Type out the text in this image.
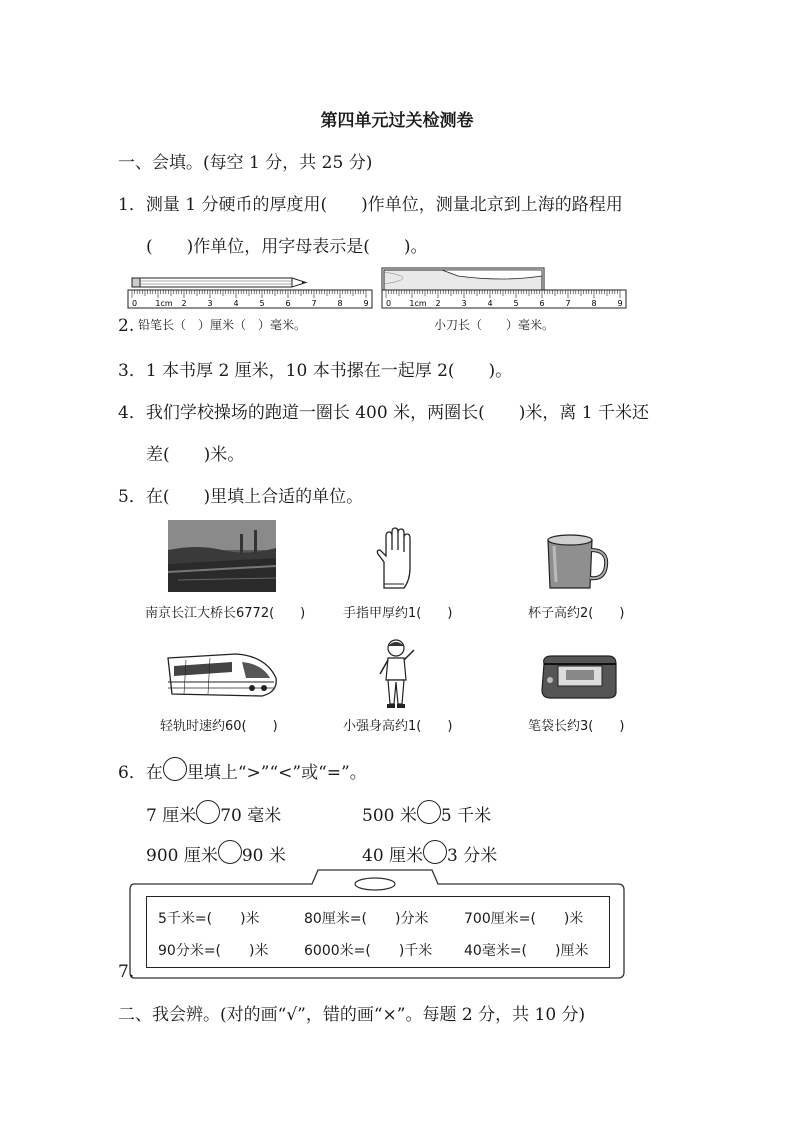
第四单元过关检测卷
一、会填。(每空 1 分，共 25 分)
1．测量 1 分硬币的厚度用(　　)作单位，测量北京到上海的路程用
(　　)作单位，用字母表示是(　　)。
0 1cm 2	3	4	5	6	7	8	9 0 1cm 2	3	4	5	6	7	8	9
2. 铅笔长（　）厘米（　）毫米。	小刀长（　　）毫米。
3．1 本书厚 2 厘米，10 本书摞在一起厚 2(　　)。
4．我们学校操场的跑道一圈长 400 米，两圈长(　　)米，离 1 千米还
差(　　)米。
5．在(　　)里填上合适的单位。
南京长江大桥长6772(　　)	手指甲厚约1(　　)	杯子高约2(　　)
轻轨时速约60(　　)	小强身高约1(　　)	笔袋长约3(　　)
6．在 里填上“>”“<”或“=”。
7 厘米 70 毫米	500 米 5 千米
900 厘米 90 米	40 厘米 3 分米
5千米=(　　)米	80厘米=(　　)分米	700厘米=(　　)米
90分米=(　　)米	6000米=(　　)千米 40毫米=(　　)厘米
7.
二、我会辨。(对的画“√”，错的画“×”。每题 2 分，共 10 分)
